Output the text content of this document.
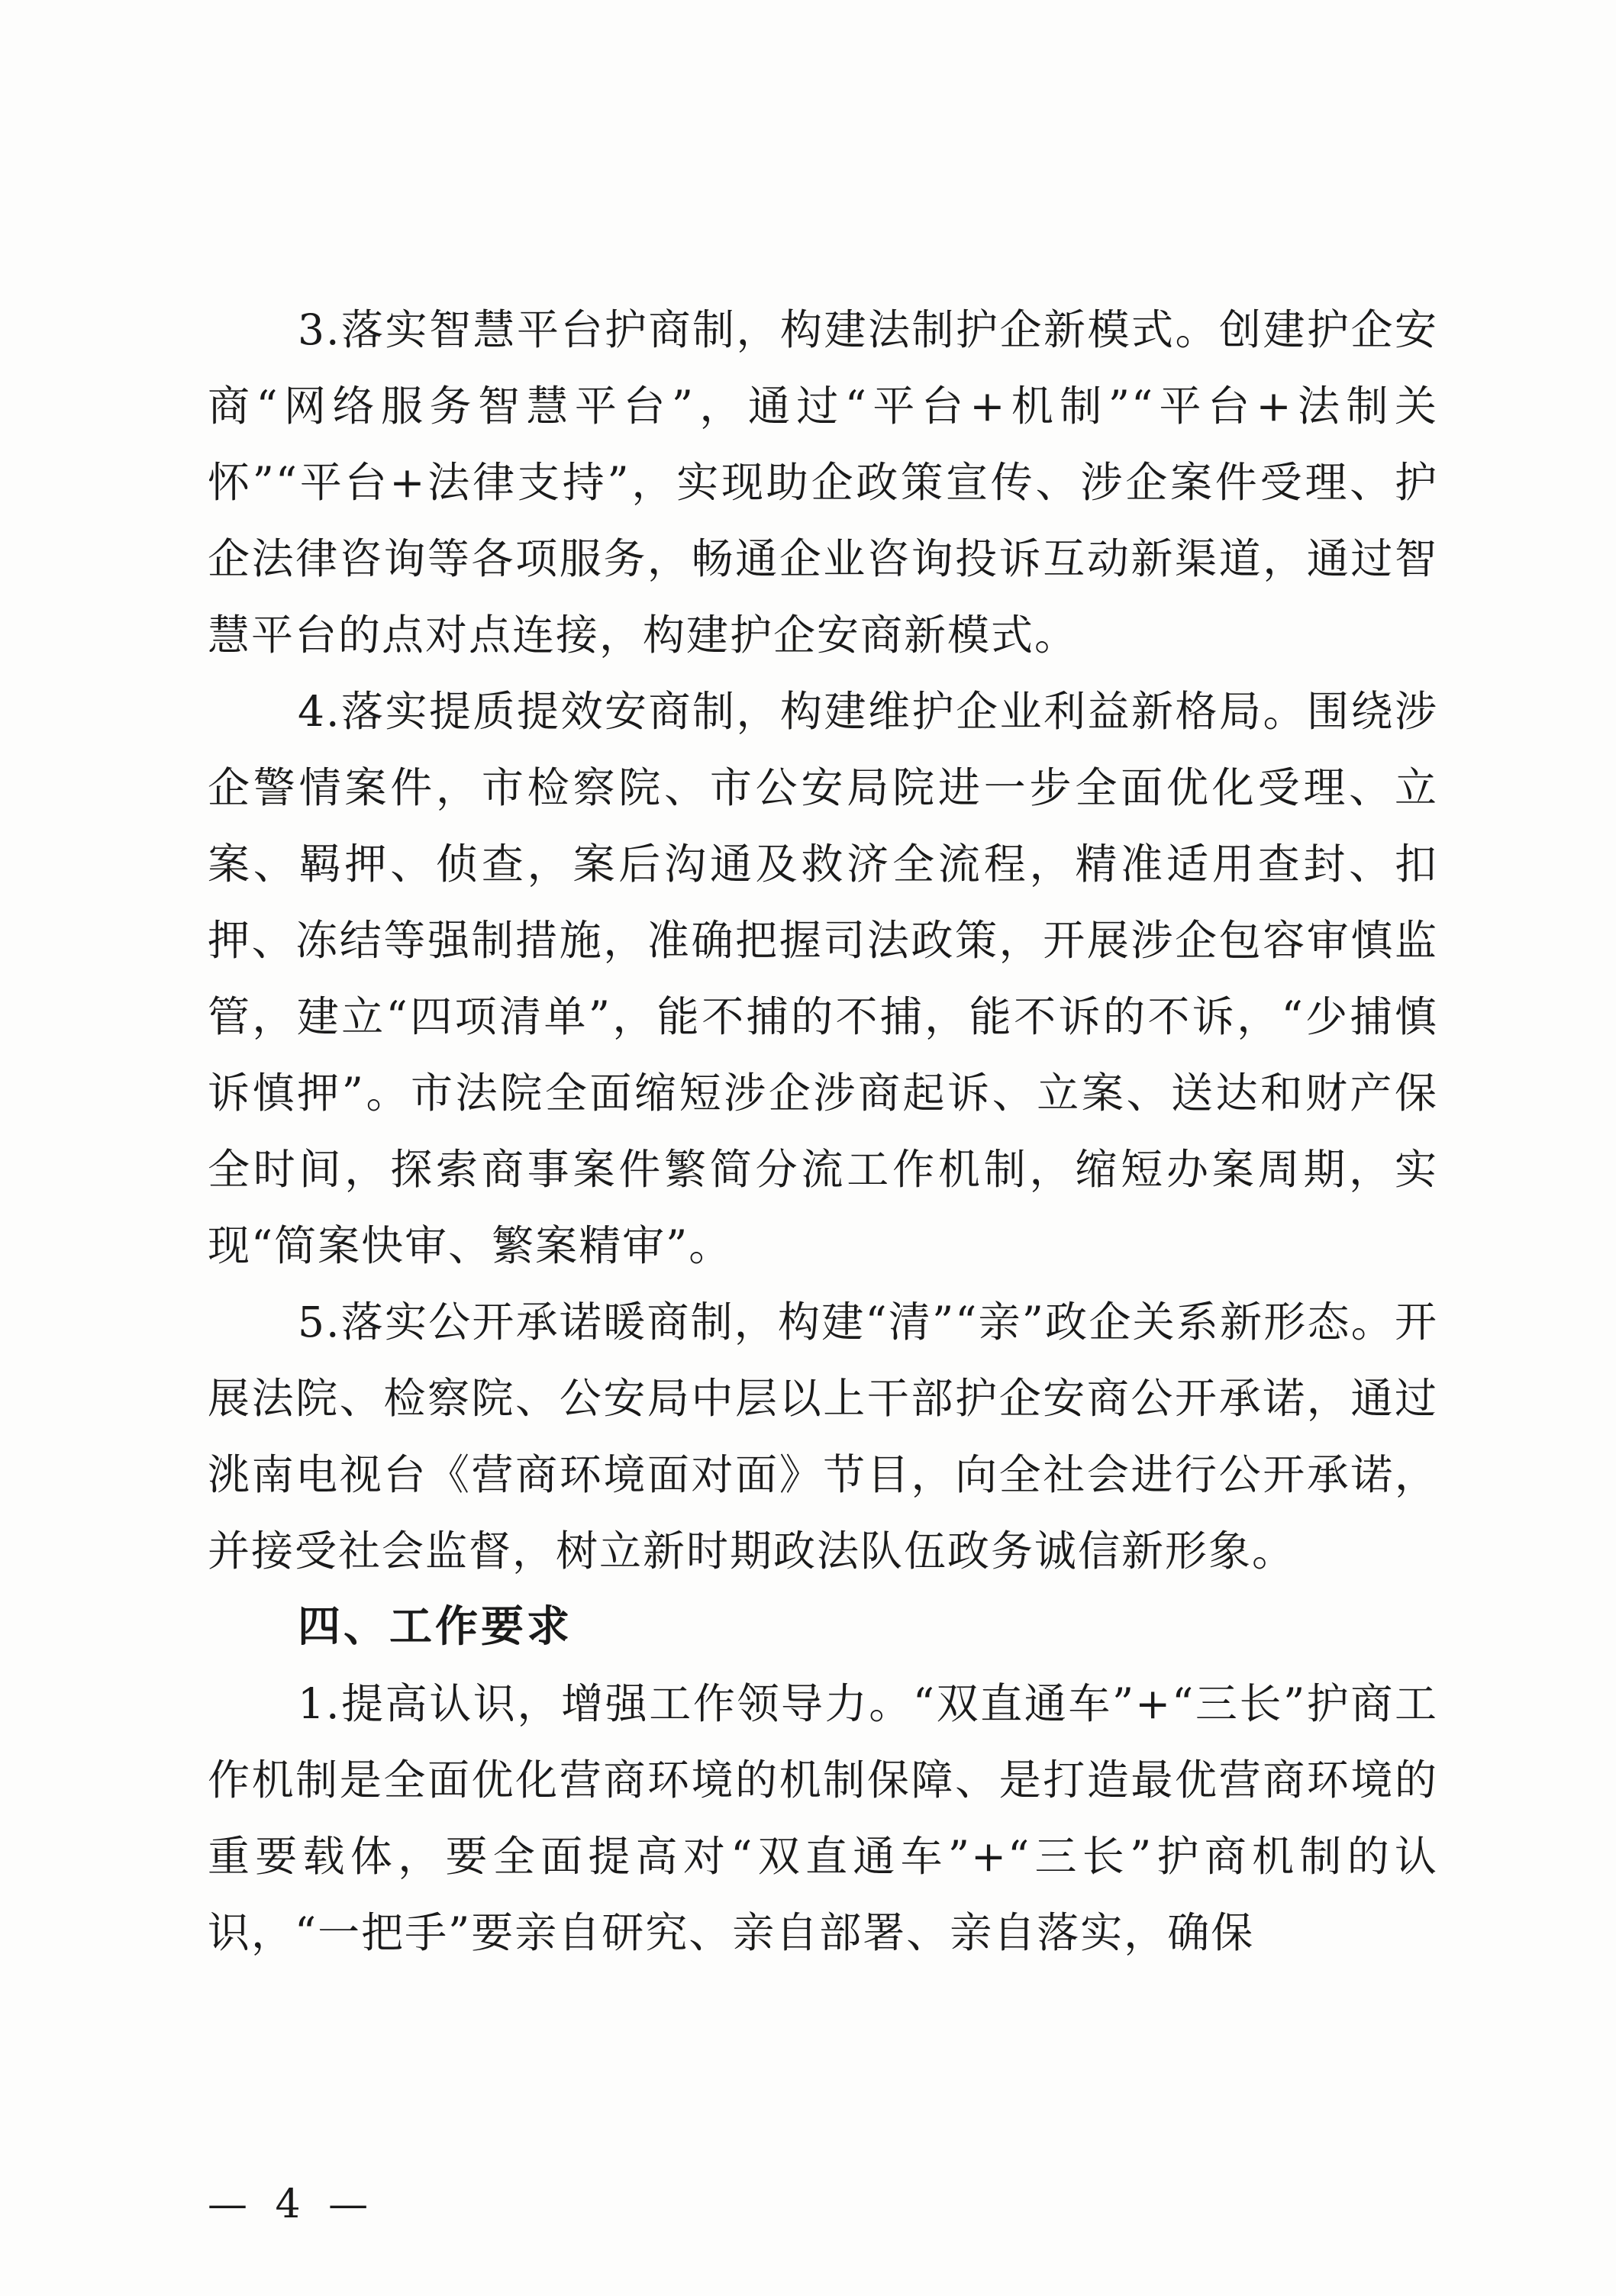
3.落实智慧平台护商制，构建法制护企新模式。创建护企安商“网络服务智慧平台”，通过“平台+机制”“平台+法制关怀”“平台+法律支持”，实现助企政策宣传、涉企案件受理、护企法律咨询等各项服务，畅通企业咨询投诉互动新渠道，通过智慧平台的点对点连接，构建护企安商新模式。

4.落实提质提效安商制，构建维护企业利益新格局。围绕涉企警情案件，市检察院、市公安局院进一步全面优化受理、立案、羁押、侦查，案后沟通及救济全流程，精准适用查封、扣押、冻结等强制措施，准确把握司法政策，开展涉企包容审慎监管，建立“四项清单”，能不捕的不捕，能不诉的不诉，“少捕慎诉慎押”。市法院全面缩短涉企涉商起诉、立案、送达和财产保全时间，探索商事案件繁简分流工作机制，缩短办案周期，实现“简案快审、繁案精审”。

5.落实公开承诺暖商制，构建“清”“亲”政企关系新形态。开展法院、检察院、公安局中层以上干部护企安商公开承诺，通过洮南电视台《营商环境面对面》节目，向全社会进行公开承诺，并接受社会监督，树立新时期政法队伍政务诚信新形象。

四、工作要求

1.提高认识，增强工作领导力。“双直通车”+“三长”护商工作机制是全面优化营商环境的机制保障、是打造最优营商环境的重要载体，要全面提高对“双直通车”+“三长”护商机制的认识，“一把手”要亲自研究、亲自部署、亲自落实，确保

— 4 —
